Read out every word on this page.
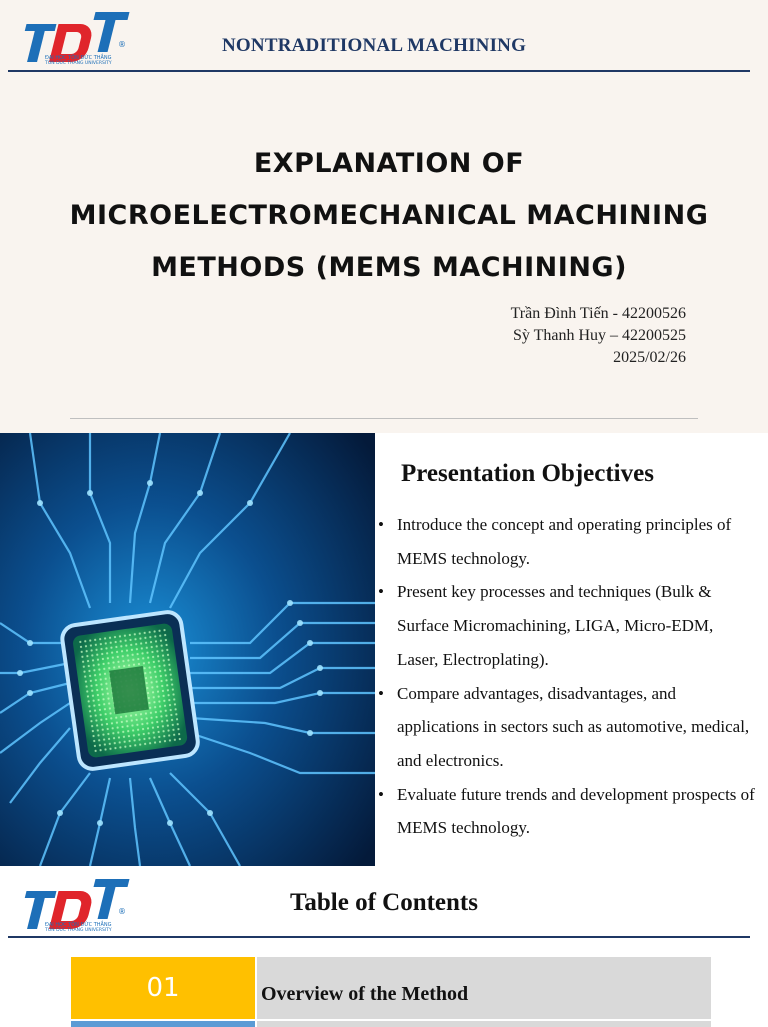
®
ĐẠI HỌC TÔN ĐỨC THẮNG
TON DUC THANG UNIVERSITY
NONTRADITIONAL MACHINING
EXPLANATION OF
MICROELECTROMECHANICAL MACHINING
METHODS (MEMS MACHINING)
Trần Đình Tiến - 42200526
Sỳ Thanh Huy – 42200525
2025/02/26
Presentation Objectives
• Introduce the concept and operating principles of MEMS technology.
• Present key processes and techniques (Bulk & Surface Micromachining, LIGA, Micro-EDM, Laser, Electroplating).
• Compare advantages, disadvantages, and applications in sectors such as automotive, medical, and electronics.
• Evaluate future trends and development prospects of MEMS technology.
®
ĐẠI HỌC TÔN ĐỨC THẮNG
TON DUC THANG UNIVERSITY
Table of Contents
01	Overview of the Method
